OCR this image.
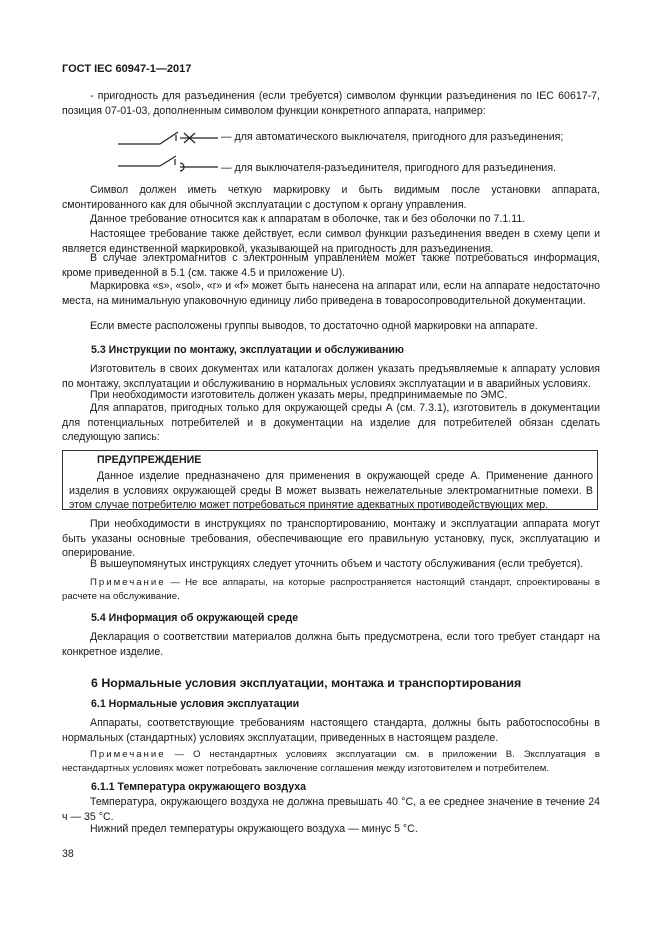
ГОСТ IEC 60947-1—2017

- пригодность для разъединения (если требуется) символом функции разъединения по IEC 60617-7, позиция 07-01-03, дополненным символом функции конкретного аппарата, например:

— для автоматического выключателя, пригодного для разъединения;
— для выключателя-разъединителя, пригодного для разъединения.

Символ должен иметь четкую маркировку и быть видимым после установки аппарата, смонтированного как для обычной эксплуатации с доступом к органу управления.

Данное требование относится как к аппаратам в оболочке, так и без оболочки по 7.1.11.

Настоящее требование также действует, если символ функции разъединения введен в схему цепи и является единственной маркировкой, указывающей на пригодность для разъединения.

В случае электромагнитов с электронным управлением может также потребоваться информация, кроме приведенной в 5.1 (см. также 4.5 и приложение U).

Маркировка «s», «sol», «r» и «f» может быть нанесена на аппарат или, если на аппарате недостаточно места, на минимальную упаковочную единицу либо приведена в товаросопроводительной документации.

Если вместе расположены группы выводов, то достаточно одной маркировки на аппарате.

5.3 Инструкции по монтажу, эксплуатации и обслуживанию

Изготовитель в своих документах или каталогах должен указать предъявляемые к аппарату условия по монтажу, эксплуатации и обслуживанию в нормальных условиях эксплуатации и в аварийных условиях.

При необходимости изготовитель должен указать меры, предпринимаемые по ЭМС.

Для аппаратов, пригодных только для окружающей среды А (см. 7.3.1), изготовитель в документации для потенциальных потребителей и в документации на изделие для потребителей обязан сделать следующую запись:

ПРЕДУПРЕЖДЕНИЕ

Данное изделие предназначено для применения в окружающей среде А. Применение данного изделия в условиях окружающей среды В может вызвать нежелательные электромагнитные помехи. В этом случае потребителю может потребоваться принятие адекватных противодействующих мер.

При необходимости в инструкциях по транспортированию, монтажу и эксплуатации аппарата могут быть указаны основные требования, обеспечивающие его правильную установку, пуск, эксплуатацию и оперирование.

В вышеупомянутых инструкциях следует уточнить объем и частоту обслуживания (если требуется).

Примечание — Не все аппараты, на которые распространяется настоящий стандарт, спроектированы в расчете на обслуживание.

5.4 Информация об окружающей среде

Декларация о соответствии материалов должна быть предусмотрена, если того требует стандарт на конкретное изделие.

6 Нормальные условия эксплуатации, монтажа и транспортирования
6.1 Нормальные условия эксплуатации

Аппараты, соответствующие требованиям настоящего стандарта, должны быть работоспособны в нормальных (стандартных) условиях эксплуатации, приведенных в настоящем разделе.

Примечание — О нестандартных условиях эксплуатации см. в приложении В. Эксплуатация в нестандартных условиях может потребовать заключение соглашения между изготовителем и потребителем.

6.1.1 Температура окружающего воздуха

Температура, окружающего воздуха не должна превышать 40 °С, а ее среднее значение в течение 24 ч — 35 °С.

Нижний предел температуры окружающего воздуха — минус 5 °С.

38
